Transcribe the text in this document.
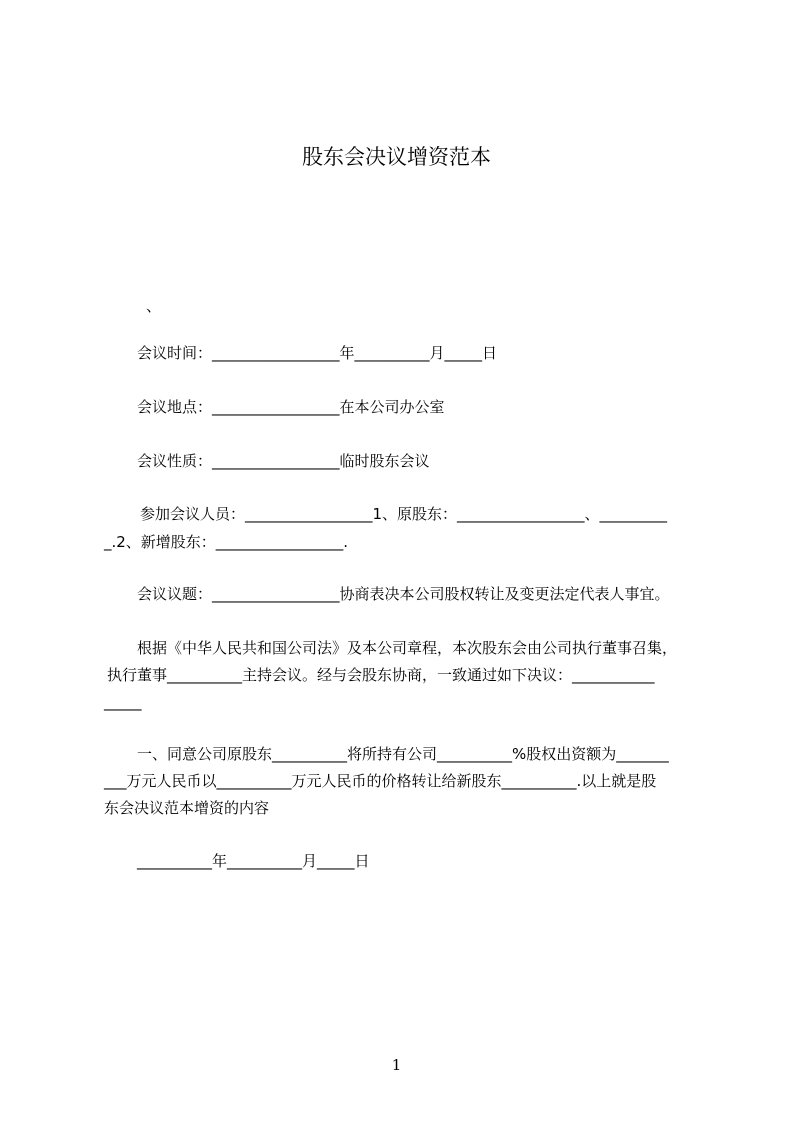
股东会决议增资范本

、

会议时间：_________________年__________月_____日

会议地点：_________________在本公司办公室

会议性质：_________________临时股东会议

参加会议人员：_________________1、原股东：_________________、_________

_.2、新增股东：_________________.

会议议题：_________________协商表决本公司股权转让及变更法定代表人事宜。

根据《中华人民共和国公司法》及本公司章程，本次股东会由公司执行董事召集，

执行董事__________主持会议。经与会股东协商，一致通过如下决议：___________

_____

一、同意公司原股东__________将所持有公司__________%股权出资额为_______

___万元人民币以__________万元人民币的价格转让给新股东__________.以上就是股

东会决议范本增资的内容

__________年__________月_____日

1
